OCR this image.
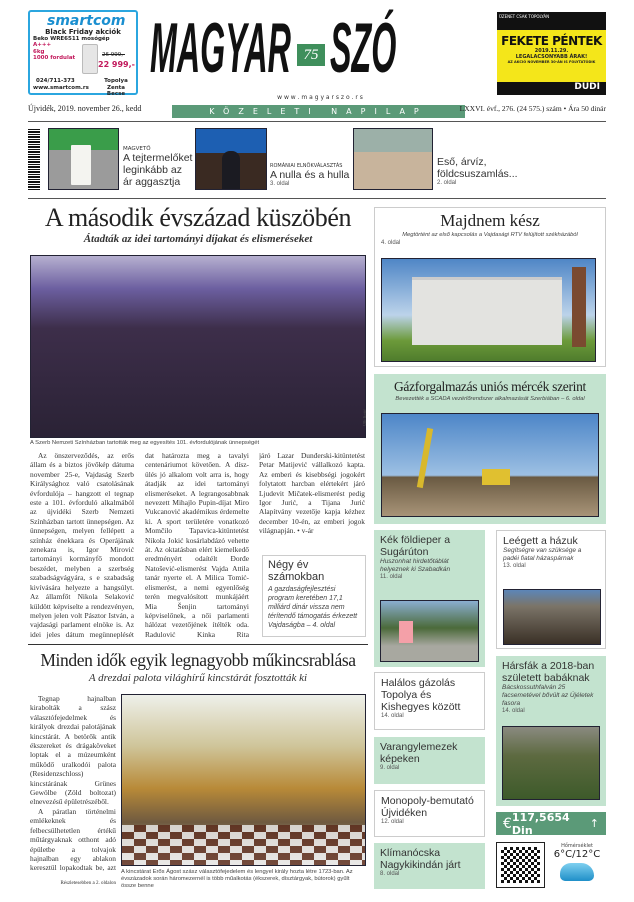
smartcom
Black Friday akciók
Beko WRE6511 mosógép
A+++
6kg
1000 fordulat	26 999,-
22 999,-
024/711-373
www.smartcom.rs
Topolya Zenta Becse
MAGYAR 75 SZÓ
w w w . m a g y a r s z o . r s
ÜZENET CSAK TOPOLYÁN
FEKETE PÉNTEK
2019.11.29.
LEGALACSONYABB ÁRAK!
AZ AKCIÓ NOVEMBER 30-ÁN IS FOLYTATÓDIK
DUDI
Újvidék, 2019. november 26., kedd	KÖZELETI NAPILAP	LXXVI. évf., 276. (24 575.) szám • Ára 50 dinár
MAGVETŐ
A tejtermelőket leginkább az ár aggasztja
ROMÁNIAI ELNÖKVÁLASZTÁS
A nulla és a hulla
3. oldal
Eső, árvíz, földcsuszamlás...
2. oldal
A második évszázad küszöbén
Átadták az idei tartományi díjakat és elismeréseket
Ulli Ikotić
A Szerb Nemzeti Színházban tartották meg az egyesítés 101. évfordulójának ünnepségét

Az önszerveződés, az erős állam és a biztos jövőkép dátuma november 25-e, Vajdaság Szerb Királysághoz való csatolásának évfordulója – hangzott el tegnap este a 101. évforduló alkalmából az újvidéki Szerb Nemzeti Színházban tartott ünnepségen. Az ünnepségen, melyen fellépett a színház énekkara és Operájának zenekara is, Igor Mirović tartományi kormányfő mondott beszédet, melyben a szerbség szabadságvágyára, s e szabadság kivívására helyezte a hangsúlyt. Az államfőt Nikola Selaković küldött képviselte a rendezvényen, melyen jelen volt Pásztor István, a vajdasági parlament elnöke is. Az idei jeles dátum megünneplését

dat határozta meg a tavalyi centenáriumot követően. A díszülés jó alkalom volt arra is, hogy átadják az idei tartományi elismeréseket. A legrangosabbnak nevezett Mihajlo Pupin-díjat Miro Vukcanović akadémikus érdemelte ki. A sport területére vonatkozó Momčilo Tapavica-kitüntetést Nikola Jokić kosárlabdázó vehette át. Az oktatásban elért kiemelkedő eredményért odaítélt Đorđe Natošević-elismerést Vajda Attila tanár nyerte el. A Milica Tomić-elismerést, a nemi egyenlőség terén megvalósított munkájáért Mia Šenjin tartományi képviselőnek, a női parlamenti hálózat vezetőjének ítélték oda. Radulović Kinka Rita

járó Lazar Dunđerski-kitüntetést Petar Matijević vállalkozó kapta. Az emberi és kisebbségi jogokért folytatott harcban elértekért járó Ljudevit Mičatek-elismerést pedig Igor Jurić, a Tijana Jurić Alapítvány vezetője kapja kézhez december 10-én, az emberi jogok világnapján. • v-ár

Négy év számokban
A gazdaságfejlesztési program keretében 17,1 milliárd dinár vissza nem térítendő támogatás érkezett Vajdaságba – 4. oldal
Minden idők egyik legnagyobb műkincsrablása
A drezdai palota világhírű kincstárát fosztották ki

Tegnap hajnalban kirabolták a szász választófejedelmek és királyok drezdai palotájának kincstárát. A betörők antik ékszereket és drágaköveket loptak el a múzeumként működő uralkodói palota (Residenzschloss) kincstárának Grünes Gewölbe (Zöld boltozat) elnevezésű épületrészéből.

A páratlan történelmi emlékeknek és felbecsülhetetlen értékű műtárgyaknak otthont adó épületbe a tolvajok hajnalban egy ablakon keresztül lopakodtak be, azt

Részletesebben a 2. oldalon
A kincstárat Erős Ágost szász választófejedelem és lengyel király hozta létre 1723-ban. Az évszázadok során háromezernél is több műalkotás (ékszerek, dísztárgyak, bútorok) gyűlt össze benne
Majdnem kész
Megtörtént az első kapcsolás a Vajdasági RTV felújított székházából
4. oldal
Gázforgalmazás uniós mércék szerint
Bevezették a SCADA vezérlőrendszer alkalmazását Szerbiában – 6. oldal
Kék földieper a Sugárúton
Huszonhat hirdetőtáblát helyeznek ki Szabadkán
11. oldal
Leégett a házuk
Segítségre van szüksége a padéi fiatal házaspárnak
13. oldal
Halálos gázolás Topolya és Kishegyes között
14. oldal
Hársfák a 2018-ban született babáknak
Bácskossuthfalván 25 facsemetével bővült az Újéletek fasora
14. oldal
Varangylemezek képeken
9. oldal
Monopoly-bemutató Újvidéken
12. oldal
Klímanócska Nagykikindán járt
8. oldal
€ 117,5654 Din	↑
Hőmérséklet
6°C/12°C
